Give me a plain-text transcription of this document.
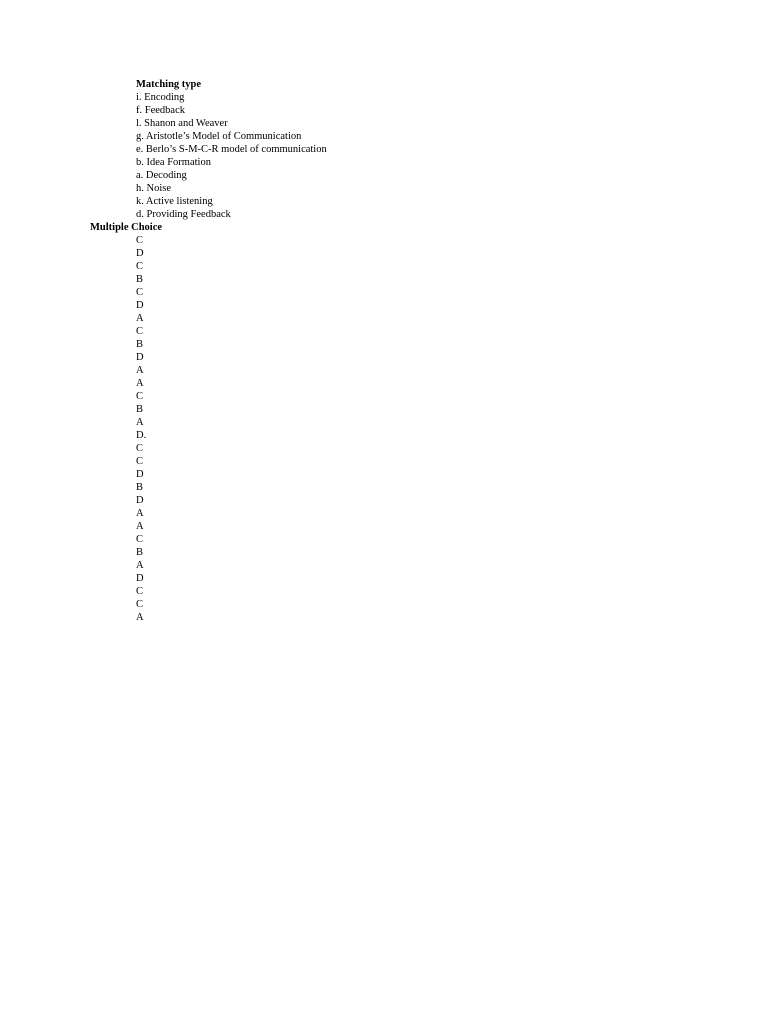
Matching type
i. Encoding
f. Feedback
l. Shanon and Weaver
g. Aristotle’s Model of Communication
e. Berlo’s S-M-C-R model of communication
b. Idea Formation
a. Decoding
h. Noise
k. Active listening
d. Providing Feedback
Multiple Choice
C
D
C
B
C
D
A
C
B
D
A
A
C
B
A
D.
C
C
D
B
D
A
A
C
B
A
D
C
C
A
